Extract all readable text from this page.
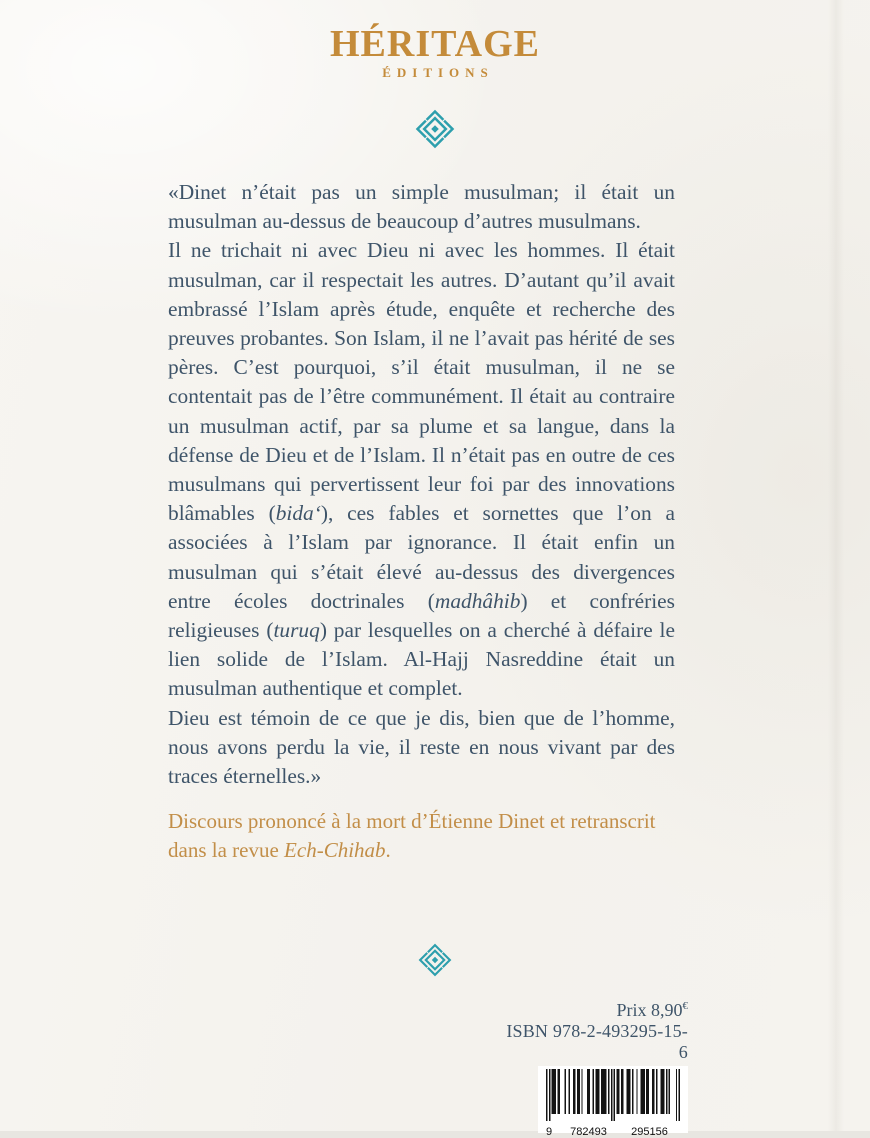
HÉRITAGE
ÉDITIONS

«Dinet n’était pas un simple musulman; il était un musulman au-dessus de beaucoup d’autres musulmans.

Il ne trichait ni avec Dieu ni avec les hommes. Il était musulman, car il respectait les autres. D’autant qu’il avait embrassé l’Islam après étude, enquête et recherche des preuves probantes. Son Islam, il ne l’avait pas hérité de ses pères. C’est pourquoi, s’il était musulman, il ne se contentait pas de l’être communément. Il était au contraire un musulman actif, par sa plume et sa langue, dans la défense de Dieu et de l’Islam. Il n’était pas en outre de ces musulmans qui pervertissent leur foi par des innovations blâmables (bida‘), ces fables et sornettes que l’on a associées à l’Islam par ignorance. Il était enfin un musulman qui s’était élevé au-dessus des divergences entre écoles doctrinales (madhâhib) et confréries religieuses (turuq) par lesquelles on a cherché à défaire le lien solide de l’Islam. Al-Hajj Nasreddine était un musulman authentique et complet.

Dieu est témoin de ce que je dis, bien que de l’homme, nous avons perdu la vie, il reste en nous vivant par des traces éternelles.»

Discours prononcé à la mort d’Étienne Dinet et retranscrit dans la revue Ech-Chihab.
Prix 8,90€
ISBN 978-2-493295-15-6
9	782493	295156
